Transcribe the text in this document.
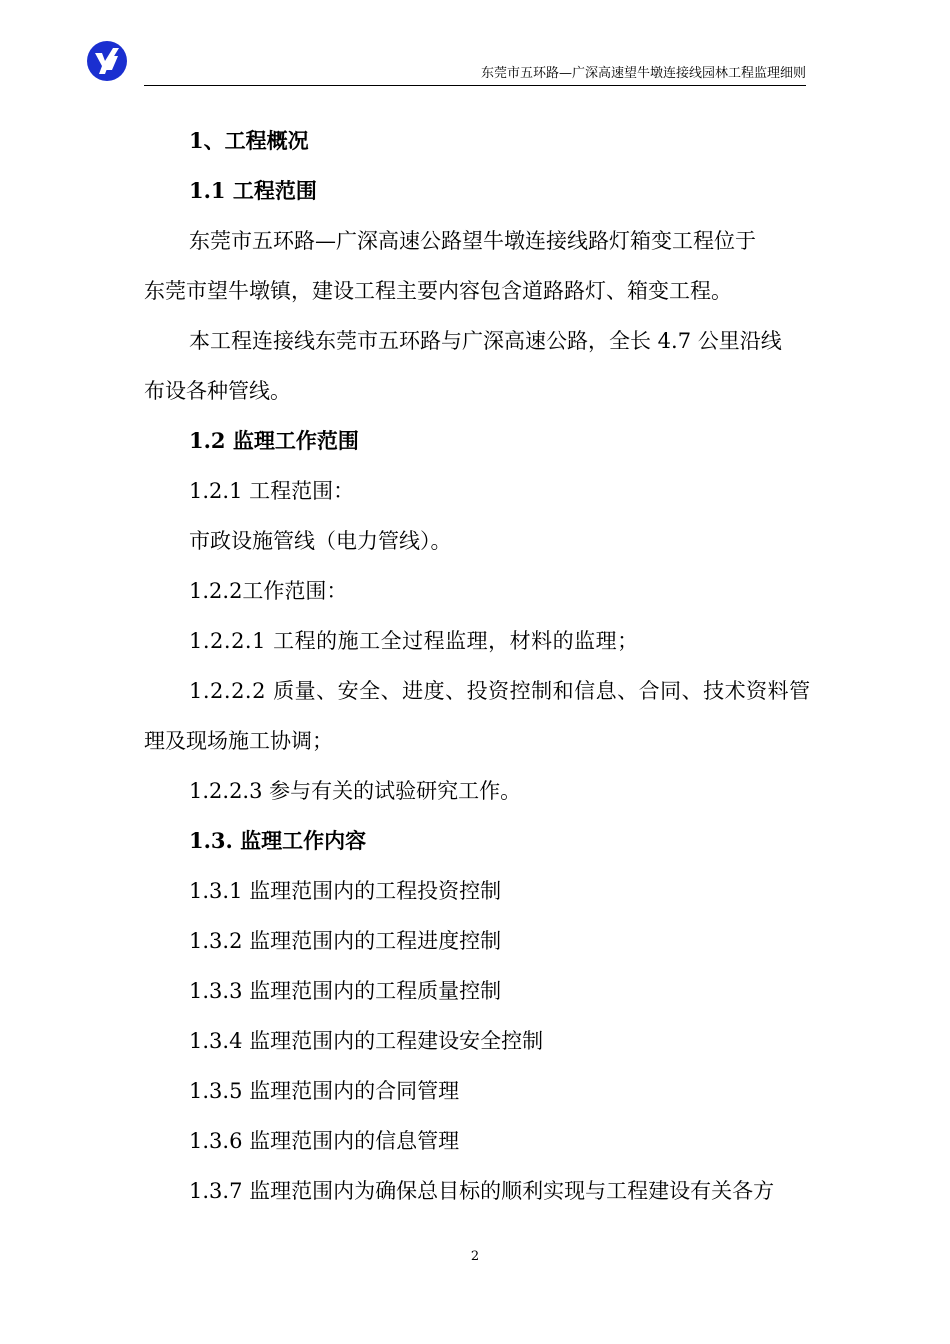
东莞市五环路—广深高速望牛墩连接线园林工程监理细则
1、工程概况
1.1 工程范围
东莞市五环路—广深高速公路望牛墩连接线路灯箱变工程位于
东莞市望牛墩镇，建设工程主要内容包含道路路灯、箱变工程。
本工程连接线东莞市五环路与广深高速公路，全长 4.7 公里沿线
布设各种管线。
1.2 监理工作范围
1.2.1 工程范围：
市政设施管线（电力管线）。
1.2.2工作范围：
1.2.2.1 工程的施工全过程监理，材料的监理；
1.2.2.2 质量、安全、进度、投资控制和信息、合同、技术资料管
理及现场施工协调；
1.2.2.3 参与有关的试验研究工作。
1.3. 监理工作内容
1.3.1 监理范围内的工程投资控制
1.3.2 监理范围内的工程进度控制
1.3.3 监理范围内的工程质量控制
1.3.4 监理范围内的工程建设安全控制
1.3.5 监理范围内的合同管理
1.3.6 监理范围内的信息管理
1.3.7 监理范围内为确保总目标的顺利实现与工程建设有关各方
2
